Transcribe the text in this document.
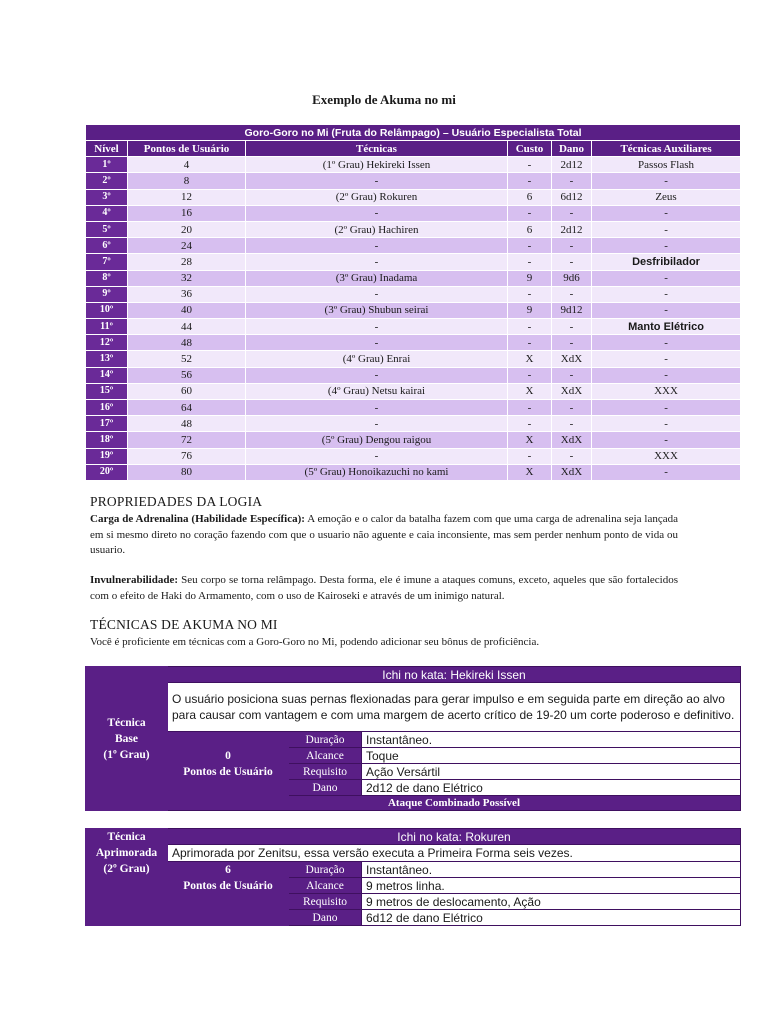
Exemplo de Akuma no mi
Goro-Goro no Mi (Fruta do Relâmpago) – Usuário Especialista Total					
Nível	Pontos de Usuário	Técnicas	Custo	Dano	Técnicas Auxiliares
1º	4	(1º Grau) Hekireki Issen	-	2d12	Passos Flash
2º	8	-	-	-	-
3º	12	(2º Grau) Rokuren	6	6d12	Zeus
4º	16	-	-	-	-
5º	20	(2º Grau) Hachiren	6	2d12	-
6º	24	-	-	-	-
7º	28	-	-	-	Desfribilador
8º	32	(3º Grau) Inadama	9	9d6	-
9º	36	-	-	-	-
10º	40	(3º Grau) Shubun seirai	9	9d12	-
11º	44	-	-	-	Manto Elétrico
12º	48	-	-	-	-
13º	52	(4º Grau) Enrai	X	XdX	-
14º	56	-	-	-	-
15º	60	(4º Grau) Netsu kairai	X	XdX	XXX
16º	64	-	-	-	-
17º	48	-	-	-	-
18º	72	(5º Grau) Dengou raigou	X	XdX	-
19º	76	-	-	-	XXX
20º	80	(5º Grau) Honoikazuchi no kami	X	XdX	-
PROPRIEDADES DA LOGIA
Carga de Adrenalina (Habilidade Específica): A emoção e o calor da batalha fazem com que uma carga de adrenalina seja lançada em si mesmo direto no coração fazendo com que o usuario não aguente e caia inconsiente, mas sem perder nenhum ponto de vida ou usuario.
Invulnerabilidade: Seu corpo se torna relâmpago. Desta forma, ele é imune a ataques comuns, exceto, aqueles que são fortalecidos com o efeito de Haki do Armamento, com o uso de Kairoseki e através de um inimigo natural.
TÉCNICAS DE AKUMA NO MI
Você é proficiente em técnicas com a Goro-Goro no Mi, podendo adicionar seu bônus de proficiência.
Técnica
Base
(1º Grau)	Ichi no kata: Hekireki Issen		
	O usuário posiciona suas pernas flexionadas para gerar impulso e em seguida parte em direção ao alvo para causar com vantagem e com uma margem de acerto crítico de 19-20 um corte poderoso e definitivo.		

	0
Pontos de Usuário	Duração	Instantâneo.
		Alcance	Toque
		Requisito	Ação Versártil
		Dano	2d12 de dano Elétrico
	Ataque Combinado Possível		
Técnica
Aprimorada
(2º Grau)	Ichi no kata: Rokuren		
	Aprimorada por Zenitsu, essa versão executa a Primeira Forma seis vezes.		

	6
Pontos de Usuário	Duração	Instantâneo.
		Alcance	9 metros linha.
		Requisito	9 metros de deslocamento, Ação
		Dano	6d12 de dano Elétrico
